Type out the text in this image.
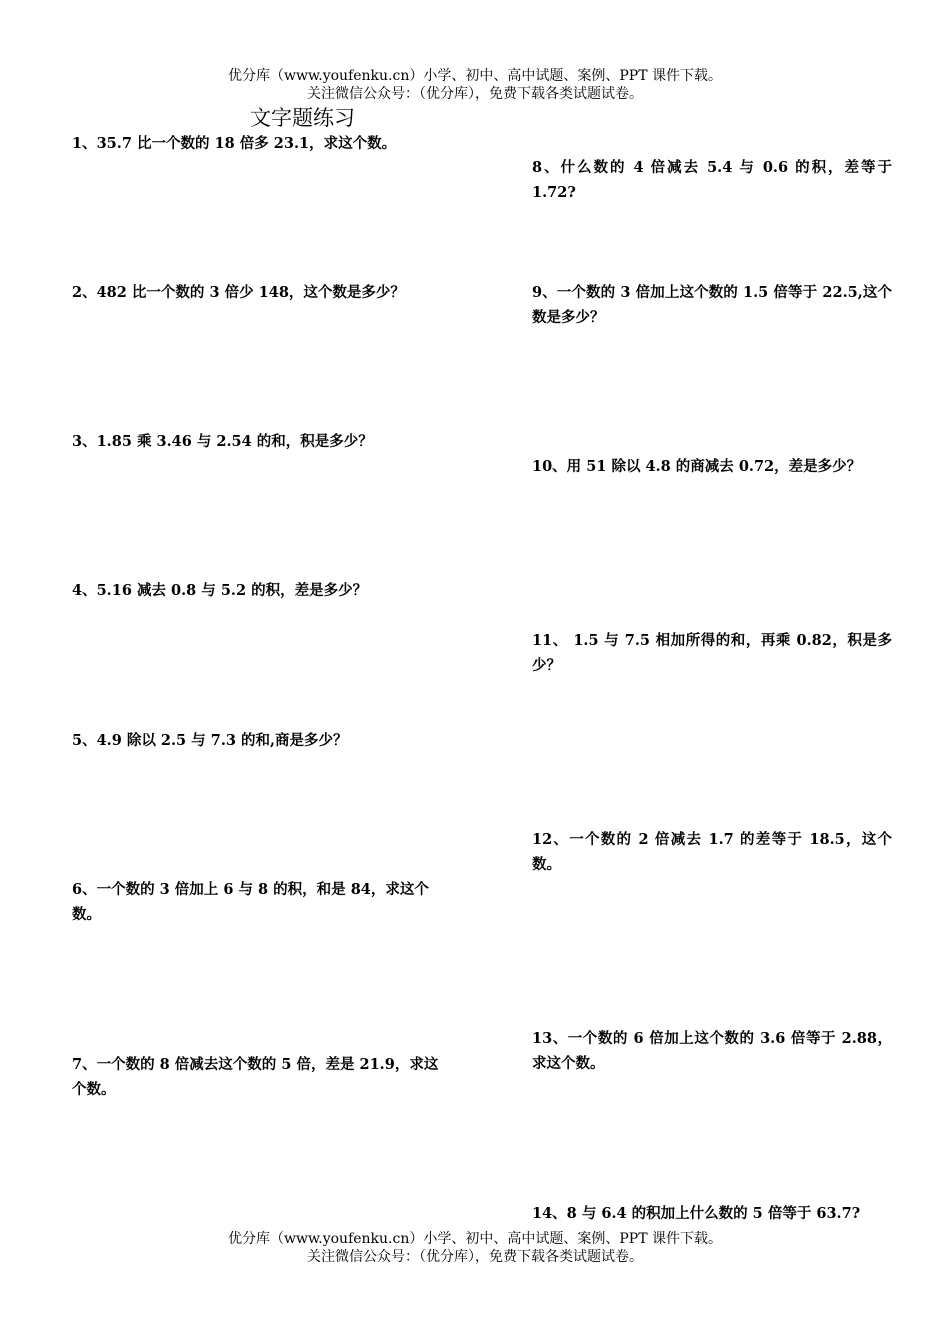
优分库（www.youfenku.cn）小学、初中、高中试题、案例、PPT 课件下载。
关注微信公众号：（优分库），免费下载各类试题试卷。
文字题练习

1、35.7 比一个数的 18 倍多 23.1，求这个数。

2、482 比一个数的 3 倍少 148，这个数是多少？

3、1.85 乘 3.46 与 2.54 的和，积是多少？

4、5.16 减去 0.8 与 5.2 的积，差是多少？

5、4.9 除以 2.5 与 7.3 的和,商是多少？

6、一个数的 3 倍加上 6 与 8 的积，和是 84，求这个数。

7、一个数的 8 倍减去这个数的 5 倍，差是 21.9，求这个数。

8、什么数的 4 倍减去 5.4 与 0.6 的积，差等于 1.72?

9、一个数的 3 倍加上这个数的 1.5 倍等于 22.5,这个数是多少？

10、用 51 除以 4.8 的商减去 0.72，差是多少？

11、 1.5 与 7.5 相加所得的和，再乘 0.82，积是多少？

12、一个数的 2 倍减去 1.7 的差等于 18.5，这个数。

13、一个数的 6 倍加上这个数的 3.6 倍等于 2.88，求这个数。

14、8 与 6.4 的积加上什么数的 5 倍等于 63.7?

优分库（www.youfenku.cn）小学、初中、高中试题、案例、PPT 课件下载。
关注微信公众号：（优分库），免费下载各类试题试卷。
